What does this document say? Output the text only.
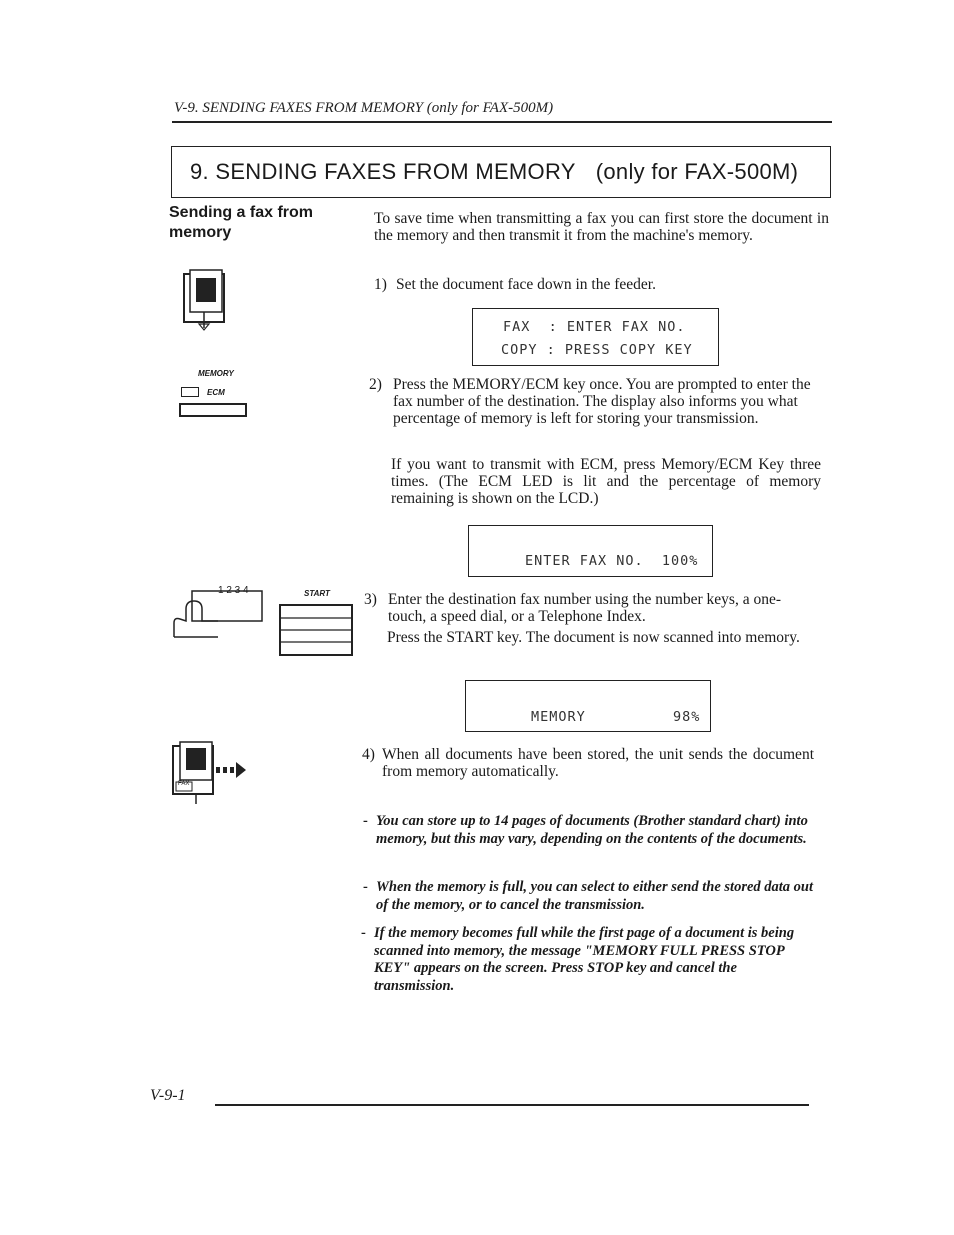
V-9. SENDING FAXES FROM MEMORY (only for FAX-500M)
9. SENDING FAXES FROM MEMORY (only for FAX-500M)
Sending a fax from memory
To save time when transmitting a fax you can first store the document in the memory and then transmit it from the machine's memory.
1) Set the document face down in the feeder.
FAX  : ENTER FAX NO.
COPY : PRESS COPY KEY
MEMORY
ECM	2) Press the MEMORY/ECM key once. You are prompted to enter the fax number of the destination. The display also informs you what percentage of memory is left for storing your transmission.
If you want to transmit with ECM, press Memory/ECM Key three times. (The ECM LED is lit and the percentage of memory remaining is shown on the LCD.)
ENTER FAX NO.  100%
1 2 3 4	START 3) Enter the destination fax number using the number keys, a one-touch, a speed dial, or a Telephone Index.
Press the START key. The document is now scanned into memory.
MEMORY	98%
FAX
4) When all documents have been stored, the unit sends the document from memory automatically.
- You can store up to 14 pages of documents (Brother standard chart) into memory, but this may vary, depending on the contents of the documents.
- When the memory is full, you can select to either send the stored data out of the memory, or to cancel the transmission.
- If the memory becomes full while the first page of a document is being scanned into memory, the message "MEMORY FULL PRESS STOP KEY" appears on the screen. Press STOP key and cancel the transmission.
V-9-1
